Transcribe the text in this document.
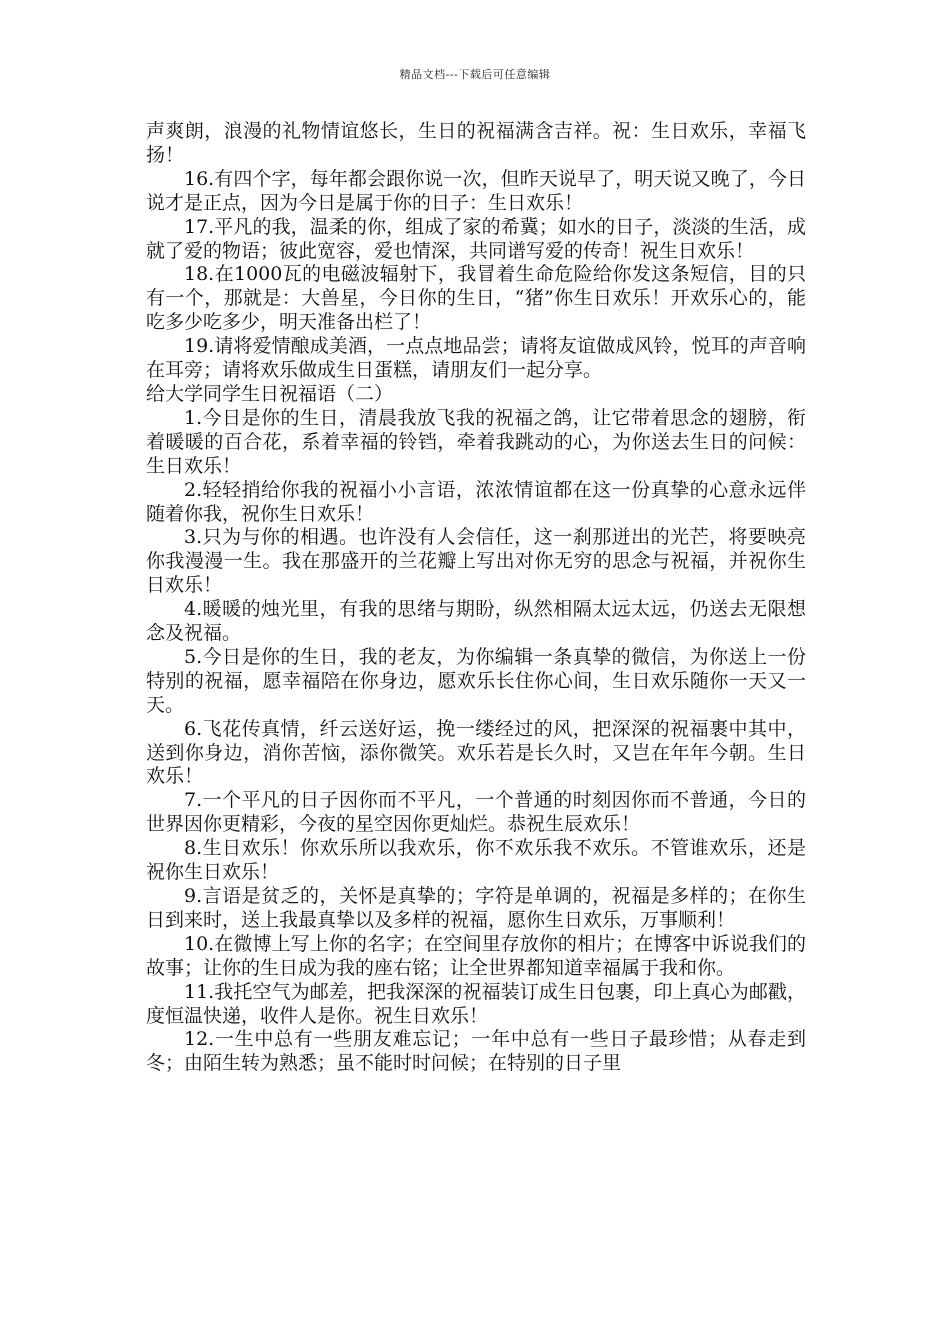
精品文档---下载后可任意编辑

声爽朗，浪漫的礼物情谊悠长，生日的祝福满含吉祥。祝：生日欢乐，幸福飞扬！

16.有四个字，每年都会跟你说一次，但昨天说早了，明天说又晚了，今日说才是正点，因为今日是属于你的日子：生日欢乐！

17.平凡的我，温柔的你，组成了家的希冀；如水的日子，淡淡的生活，成就了爱的物语；彼此宽容，爱也情深，共同谱写爱的传奇！祝生日欢乐！

18.在1000瓦的电磁波辐射下，我冒着生命危险给你发这条短信，目的只有一个，那就是：大兽星，今日你的生日，“猪”你生日欢乐！开欢乐心的，能吃多少吃多少，明天准备出栏了！

19.请将爱情酿成美酒，一点点地品尝；请将友谊做成风铃，悦耳的声音响在耳旁；请将欢乐做成生日蛋糕，请朋友们一起分享。

给大学同学生日祝福语（二）

1.今日是你的生日，清晨我放飞我的祝福之鸽，让它带着思念的翅膀，衔着暖暖的百合花，系着幸福的铃铛，牵着我跳动的心，为你送去生日的问候：生日欢乐！

2.轻轻捎给你我的祝福小小言语，浓浓情谊都在这一份真挚的心意永远伴随着你我，祝你生日欢乐！

3.只为与你的相遇。也许没有人会信任，这一刹那迸出的光芒，将要映亮你我漫漫一生。我在那盛开的兰花瓣上写出对你无穷的思念与祝福，并祝你生日欢乐！

4.暖暖的烛光里，有我的思绪与期盼，纵然相隔太远太远，仍送去无限想念及祝福。

5.今日是你的生日，我的老友，为你编辑一条真挚的微信，为你送上一份特别的祝福，愿幸福陪在你身边，愿欢乐长住你心间，生日欢乐随你一天又一天。

6.飞花传真情，纤云送好运，挽一缕经过的风，把深深的祝福裹中其中，送到你身边，消你苦恼，添你微笑。欢乐若是长久时，又岂在年年今朝。生日欢乐！

7.一个平凡的日子因你而不平凡，一个普通的时刻因你而不普通，今日的世界因你更精彩，今夜的星空因你更灿烂。恭祝生辰欢乐！

8.生日欢乐！你欢乐所以我欢乐，你不欢乐我不欢乐。不管谁欢乐，还是祝你生日欢乐！

9.言语是贫乏的，关怀是真挚的；字符是单调的，祝福是多样的；在你生日到来时，送上我最真挚以及多样的祝福，愿你生日欢乐，万事顺利！

10.在微博上写上你的名字；在空间里存放你的相片；在博客中诉说我们的故事；让你的生日成为我的座右铭；让全世界都知道幸福属于我和你。

11.我托空气为邮差，把我深深的祝福装订成生日包裹，印上真心为邮戳，度恒温快递，收件人是你。祝生日欢乐！

12.一生中总有一些朋友难忘记；一年中总有一些日子最珍惜；从春走到冬；由陌生转为熟悉；虽不能时时问候；在特别的日子里
